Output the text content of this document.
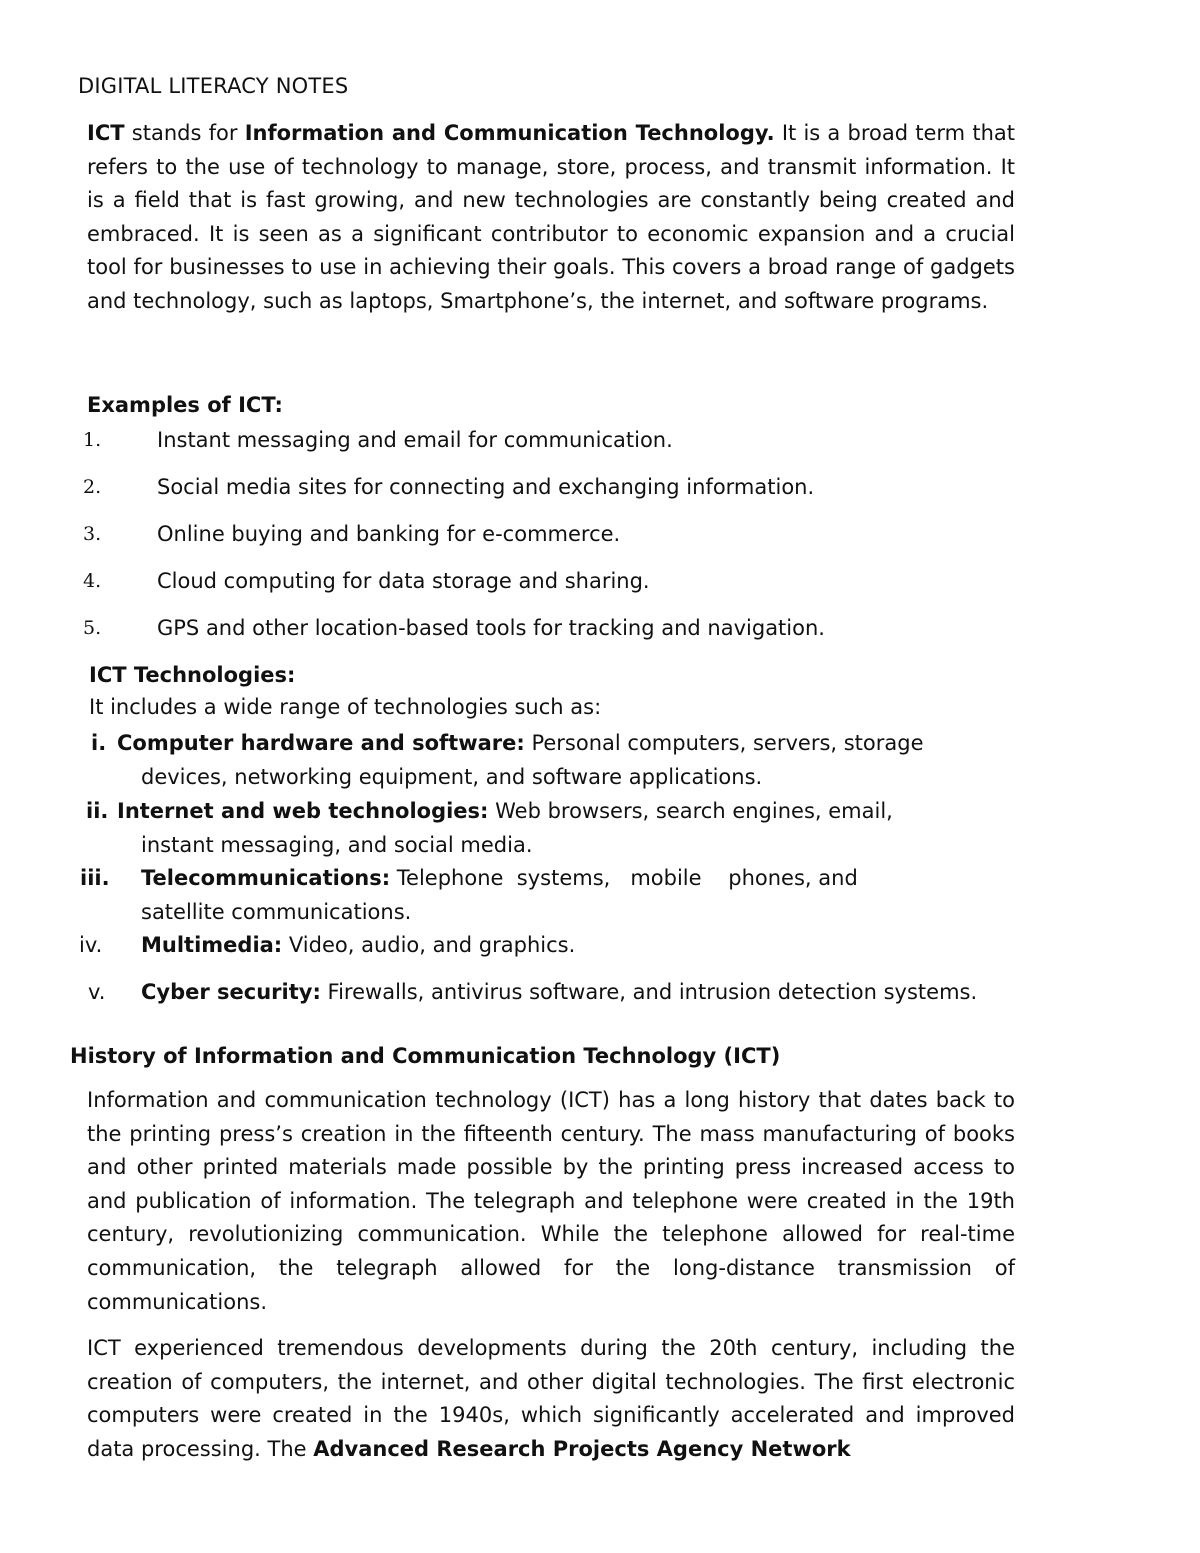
DIGITAL LITERACY NOTES

ICT stands for Information and Communication Technology. It is a broad term that refers to the use of technology to manage, store, process, and transmit information. It is a field that is fast growing, and new technologies are constantly being created and embraced. It is seen as a significant contributor to economic expansion and a crucial tool for businesses to use in achieving their goals. This covers a broad range of gadgets and technology, such as laptops, Smartphone’s, the internet, and software programs.

Examples of ICT:
1.	Instant messaging and email for communication.
2.	Social media sites for connecting and exchanging information.
3.	Online buying and banking for e-commerce.
4.	Cloud computing for data storage and sharing.
5.	GPS and other location-based tools for tracking and navigation.
ICT Technologies:
It includes a wide range of technologies such as:
i. Computer hardware and software: Personal computers, servers, storage
devices, networking equipment, and software applications.
ii. Internet and web technologies: Web browsers, search engines, email,
instant messaging, and social media.
iii. Telecommunications: Telephone  systems,   mobile    phones, and
satellite communications.
iv. Multimedia: Video, audio, and graphics.
v. Cyber security: Firewalls, antivirus software, and intrusion detection systems.
History of Information and Communication Technology (ICT)

Information and communication technology (ICT) has a long history that dates back to the printing press’s creation in the fifteenth century. The mass manufacturing of books and other printed materials made possible by the printing press increased access to and publication of information. The telegraph and telephone were created in the 19th century, revolutionizing communication. While the telephone allowed for real-time communication, the telegraph allowed for the long-distance transmission of communications.

ICT experienced tremendous developments during the 20th century, including the creation of computers, the internet, and other digital technologies. The first electronic computers were created in the 1940s, which significantly accelerated and improved data processing. The Advanced Research Projects Agency Network
